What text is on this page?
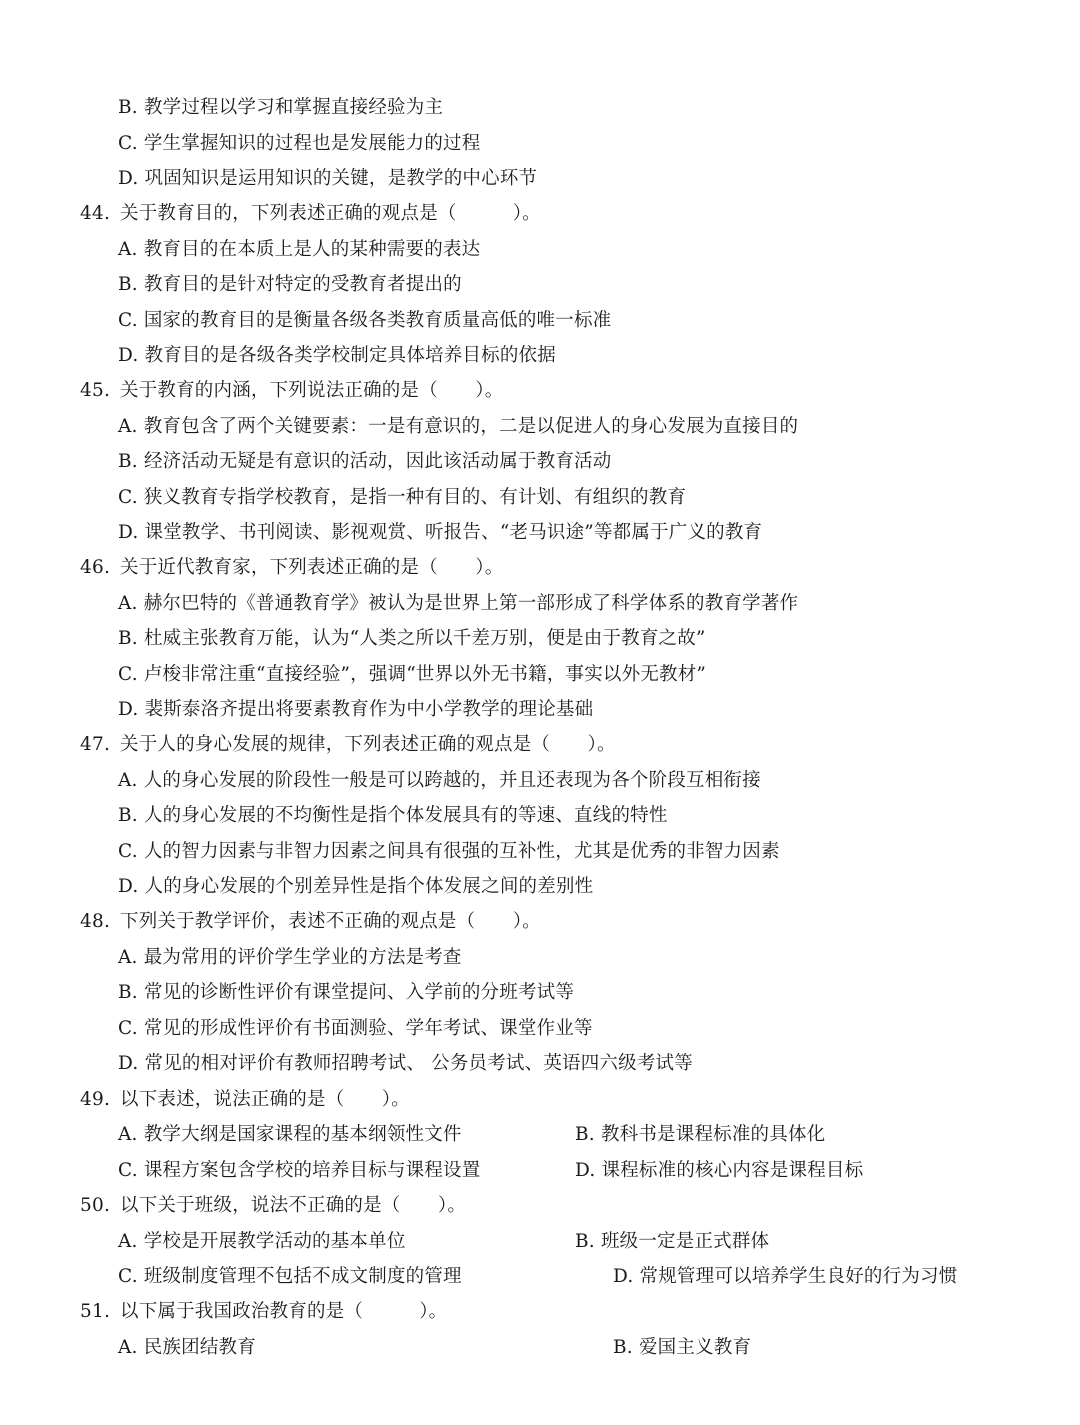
B. 教学过程以学习和掌握直接经验为主
C. 学生掌握知识的过程也是发展能力的过程
D. 巩固知识是运用知识的关键，是教学的中心环节
44. 关于教育目的，下列表述正确的观点是（　　　）。
A. 教育目的在本质上是人的某种需要的表达
B. 教育目的是针对特定的受教育者提出的
C. 国家的教育目的是衡量各级各类教育质量高低的唯一标准
D. 教育目的是各级各类学校制定具体培养目标的依据
45. 关于教育的内涵，下列说法正确的是（　　）。
A. 教育包含了两个关键要素：一是有意识的，二是以促进人的身心发展为直接目的
B. 经济活动无疑是有意识的活动，因此该活动属于教育活动
C. 狭义教育专指学校教育，是指一种有目的、有计划、有组织的教育
D. 课堂教学、书刊阅读、影视观赏、听报告、“老马识途”等都属于广义的教育
46. 关于近代教育家，下列表述正确的是（　　）。
A. 赫尔巴特的《普通教育学》被认为是世界上第一部形成了科学体系的教育学著作
B. 杜威主张教育万能，认为“人类之所以千差万别，便是由于教育之故”
C. 卢梭非常注重“直接经验”，强调“世界以外无书籍，事实以外无教材”
D. 裴斯泰洛齐提出将要素教育作为中小学教学的理论基础
47. 关于人的身心发展的规律，下列表述正确的观点是（　　）。
A. 人的身心发展的阶段性一般是可以跨越的，并且还表现为各个阶段互相衔接
B. 人的身心发展的不均衡性是指个体发展具有的等速、直线的特性
C. 人的智力因素与非智力因素之间具有很强的互补性，尤其是优秀的非智力因素
D. 人的身心发展的个别差异性是指个体发展之间的差别性
48. 下列关于教学评价，表述不正确的观点是（　　）。
A. 最为常用的评价学生学业的方法是考查
B. 常见的诊断性评价有课堂提问、入学前的分班考试等
C. 常见的形成性评价有书面测验、学年考试、课堂作业等
D. 常见的相对评价有教师招聘考试、 公务员考试、英语四六级考试等
49. 以下表述，说法正确的是（　　）。
A. 教学大纲是国家课程的基本纲领性文件	B. 教科书是课程标准的具体化
C. 课程方案包含学校的培养目标与课程设置	D. 课程标准的核心内容是课程目标
50. 以下关于班级，说法不正确的是（　　）。
A. 学校是开展教学活动的基本单位	B. 班级一定是正式群体
C. 班级制度管理不包括不成文制度的管理	D. 常规管理可以培养学生良好的行为习惯
51. 以下属于我国政治教育的是（　　　）。
A. 民族团结教育	B. 爱国主义教育
